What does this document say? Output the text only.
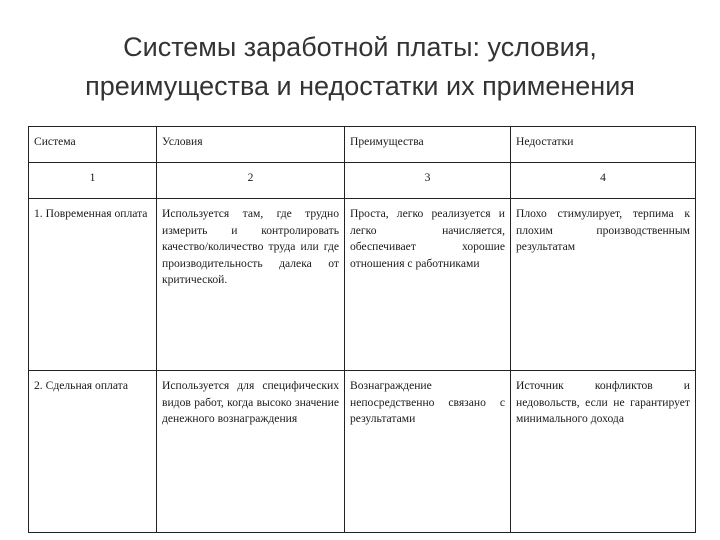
Системы заработной платы: условия,
преимущества и недостатки их применения
Система	Условия	Преимущества	Недостатки
1	2	3	4
1. Повременная оплата	Используется там, где трудно измерить и контролировать качество/количество труда или где производительность далека от критической.	Проста, легко реализуется и легко начисляется, обеспечивает хорошие отношения с работниками	Плохо стимулирует, терпима к плохим производственным результатам
2. Сдельная оплата	Используется для специфических видов работ, когда высоко значение денежного вознаграждения	Вознаграждение непосредственно связано с результатами	Источник конфликтов и недовольств, если не гарантирует минимального дохода
